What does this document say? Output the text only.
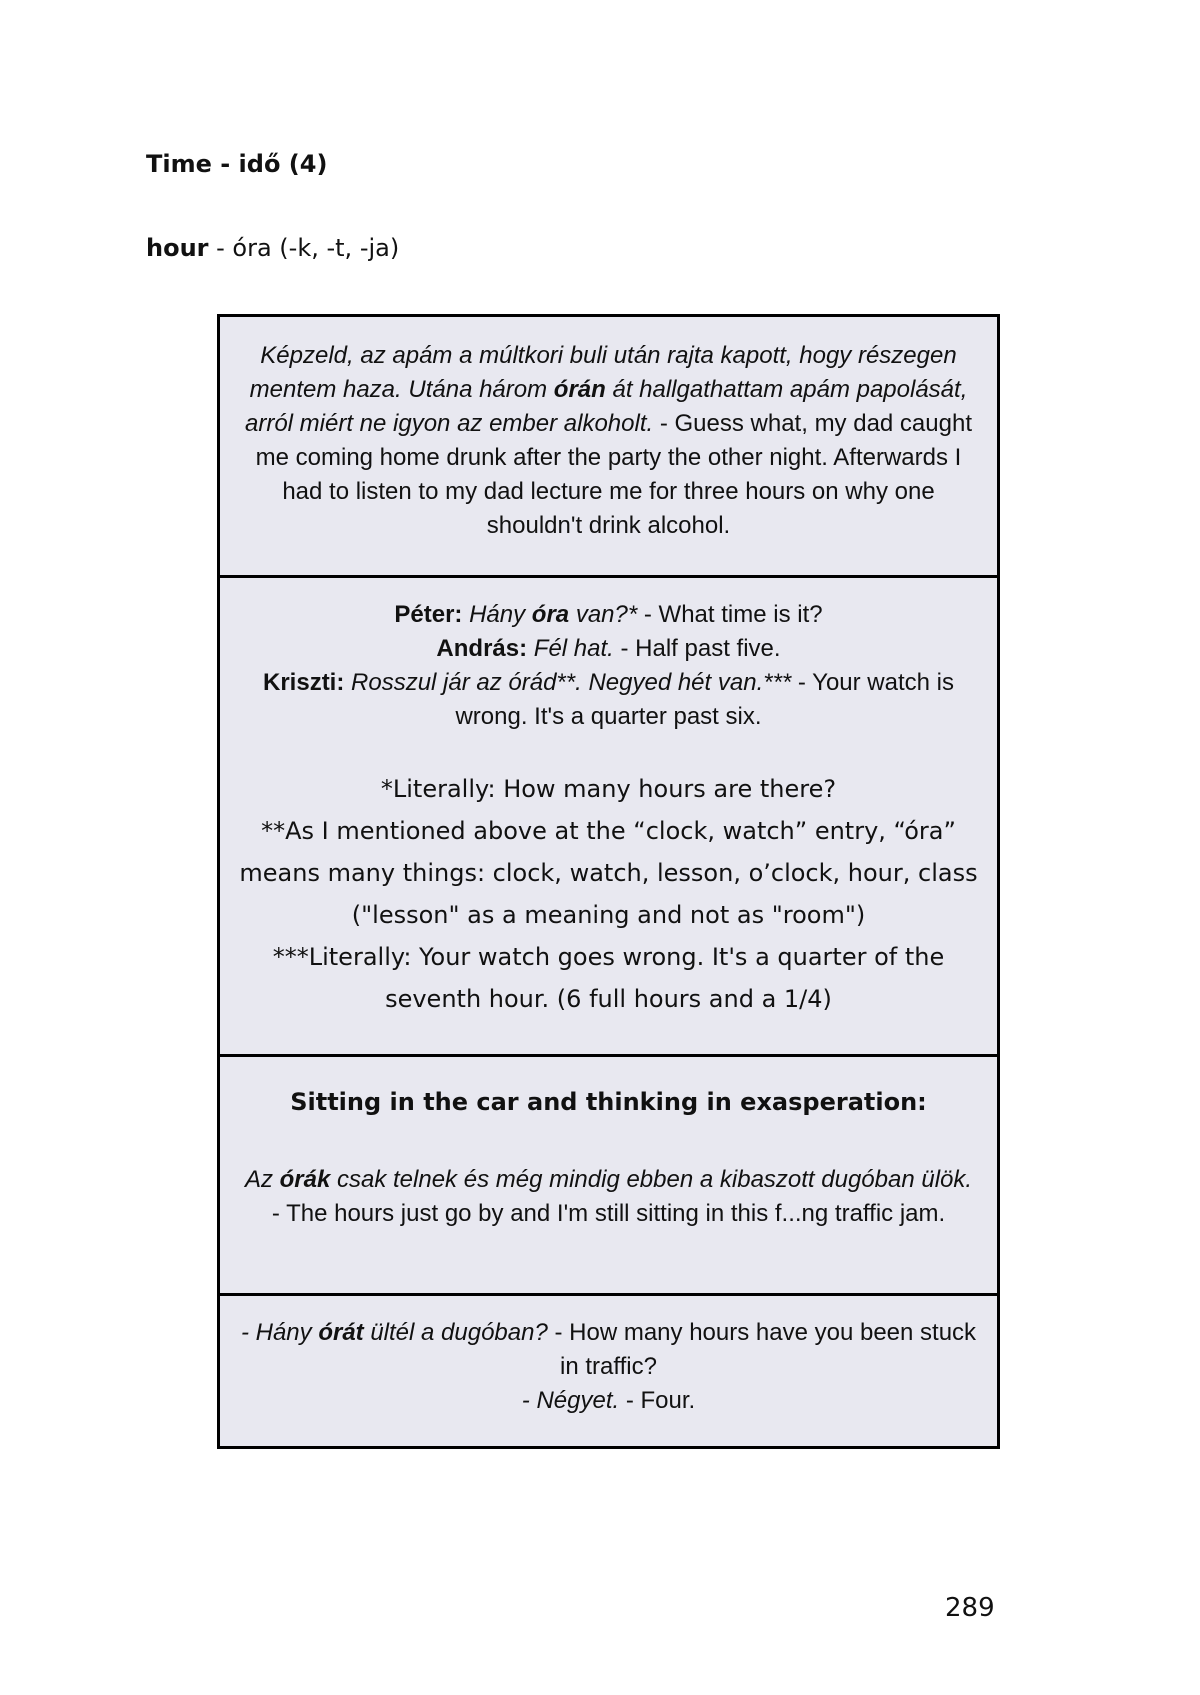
Time - idő (4)
hour - óra (-k, -t, -ja)
Képzeld, az apám a múltkori buli után rajta kapott, hogy részegen mentem haza. Utána három órán át hallgathattam apám papolását, arról miért ne igyon az ember alkoholt. - Guess what, my dad caught me coming home drunk after the party the other night. Afterwards I had to listen to my dad lecture me for three hours on why one shouldn't drink alcohol.
Péter: Hány óra van?* - What time is it?
András: Fél hat. - Half past five.
Kriszti: Rosszul jár az órád**. Negyed hét van.*** - Your watch is wrong. It's a quarter past six.
*Literally: How many hours are there?
**As I mentioned above at the “clock, watch” entry, “óra” means many things: clock, watch, lesson, o’clock, hour, class ("lesson" as a meaning and not as "room")
***Literally: Your watch goes wrong. It's a quarter of the seventh hour. (6 full hours and a 1/4)
Sitting in the car and thinking in exasperation:
Az órák csak telnek és még mindig ebben a kibaszott dugóban ülök. - The hours just go by and I'm still sitting in this f...ng traffic jam.
- Hány órát ültél a dugóban? - How many hours have you been stuck in traffic?
- Négyet. - Four.
289
